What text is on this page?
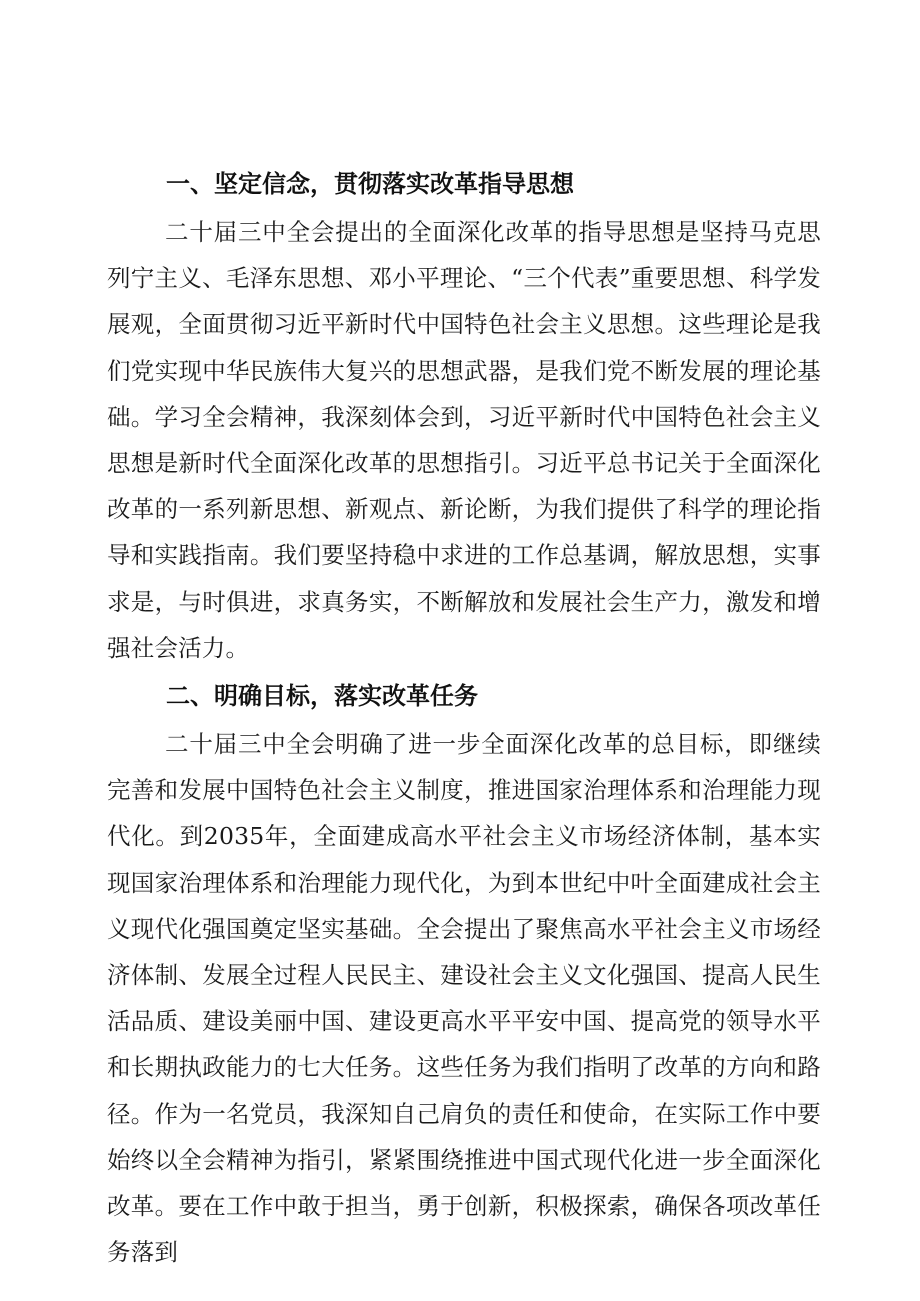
一、坚定信念，贯彻落实改革指导思想

二十届三中全会提出的全面深化改革的指导思想是坚持马克思列宁主义、毛泽东思想、邓小平理论、“三个代表”重要思想、科学发展观，全面贯彻习近平新时代中国特色社会主义思想。这些理论是我们党实现中华民族伟大复兴的思想武器，是我们党不断发展的理论基础。学习全会精神，我深刻体会到，习近平新时代中国特色社会主义思想是新时代全面深化改革的思想指引。习近平总书记关于全面深化改革的一系列新思想、新观点、新论断，为我们提供了科学的理论指导和实践指南。我们要坚持稳中求进的工作总基调，解放思想，实事求是，与时俱进，求真务实，不断解放和发展社会生产力，激发和增强社会活力。

二、明确目标，落实改革任务

二十届三中全会明确了进一步全面深化改革的总目标，即继续完善和发展中国特色社会主义制度，推进国家治理体系和治理能力现代化。到2035年，全面建成高水平社会主义市场经济体制，基本实现国家治理体系和治理能力现代化，为到本世纪中叶全面建成社会主义现代化强国奠定坚实基础。全会提出了聚焦高水平社会主义市场经济体制、发展全过程人民民主、建设社会主义文化强国、提高人民生活品质、建设美丽中国、建设更高水平平安中国、提高党的领导水平和长期执政能力的七大任务。这些任务为我们指明了改革的方向和路径。作为一名党员，我深知自己肩负的责任和使命，在实际工作中要始终以全会精神为指引，紧紧围绕推进中国式现代化进一步全面深化改革。要在工作中敢于担当，勇于创新，积极探索，确保各项改革任务落到
